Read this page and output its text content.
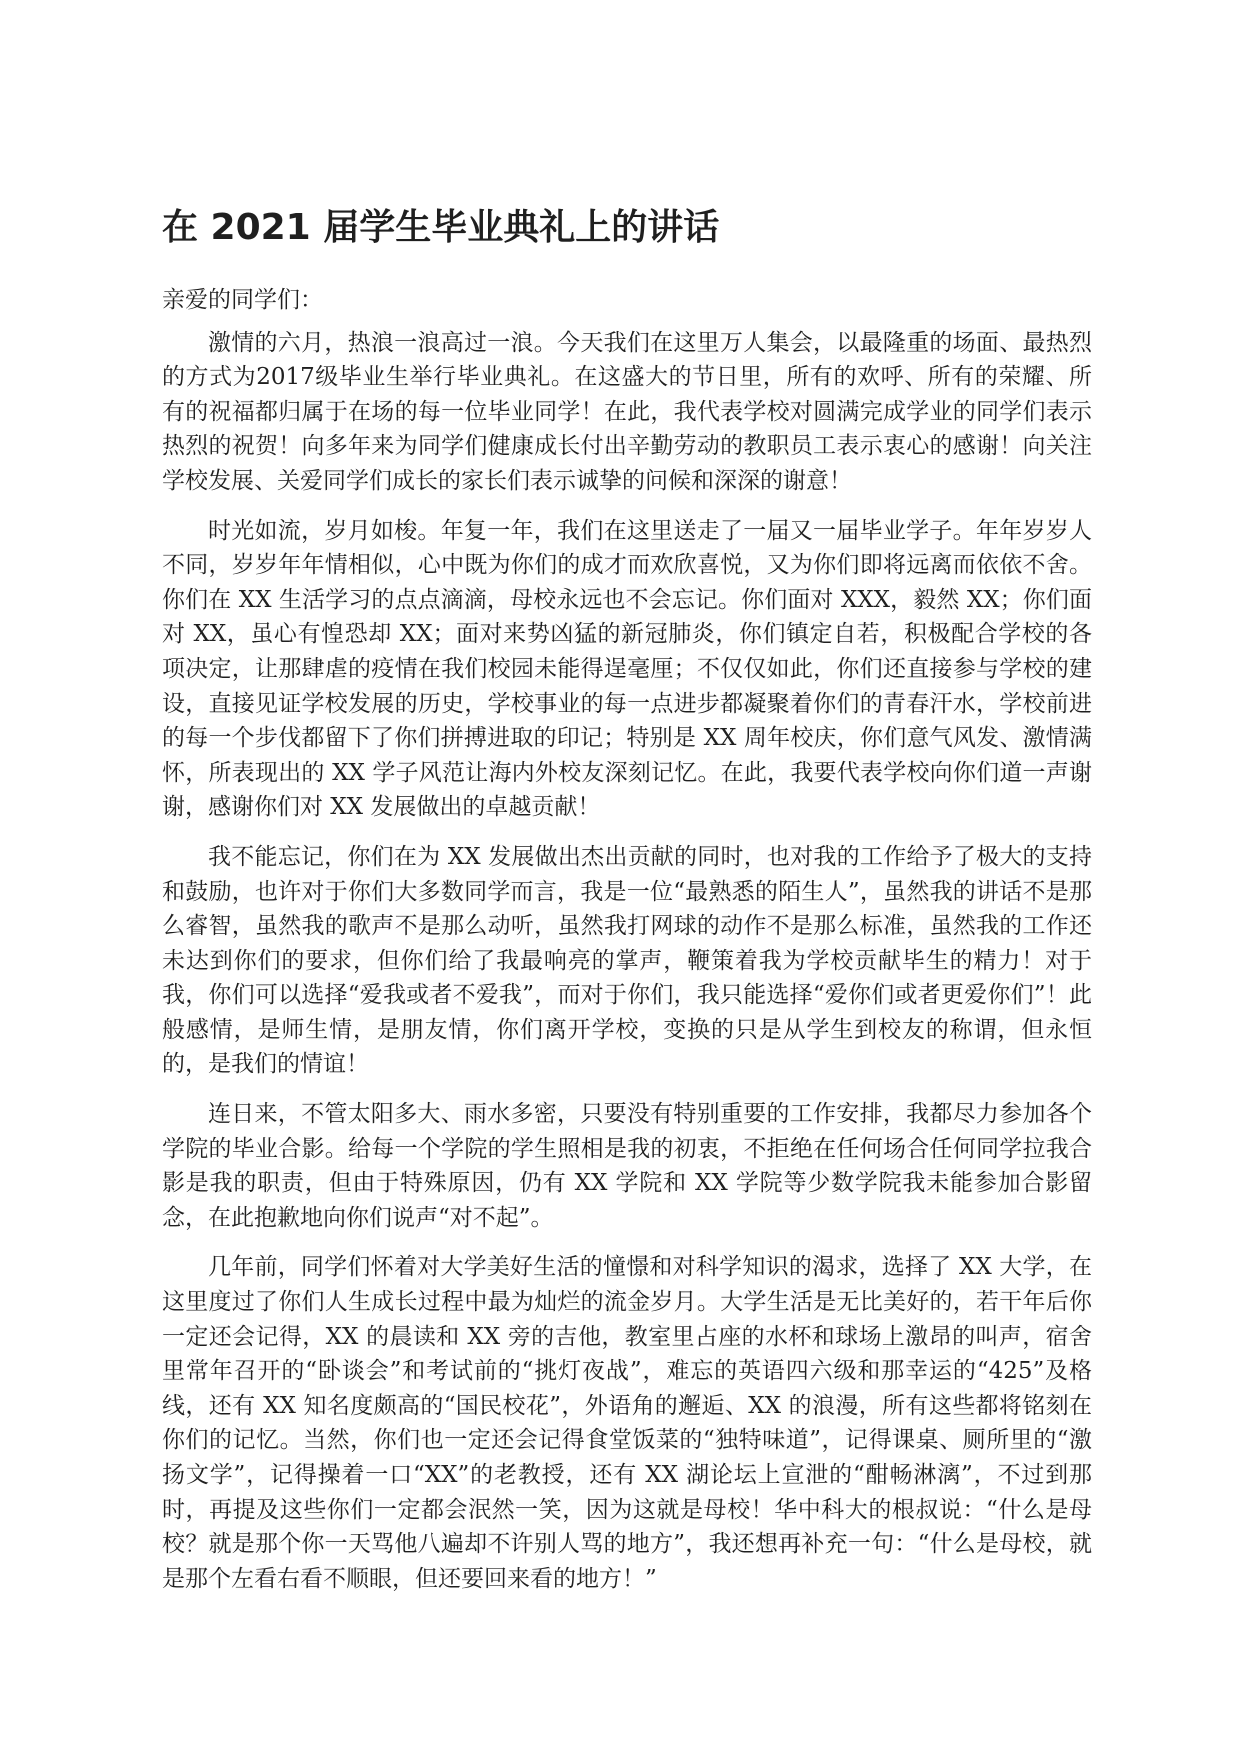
在 2021 届学生毕业典礼上的讲话

亲爱的同学们：

激情的六月，热浪一浪高过一浪。今天我们在这里万人集会，以最隆重的场面、最热烈的方式为2017级毕业生举行毕业典礼。在这盛大的节日里，所有的欢呼、所有的荣耀、所有的祝福都归属于在场的每一位毕业同学！在此，我代表学校对圆满完成学业的同学们表示热烈的祝贺！向多年来为同学们健康成长付出辛勤劳动的教职员工表示衷心的感谢！向关注学校发展、关爱同学们成长的家长们表示诚挚的问候和深深的谢意！

时光如流，岁月如梭。年复一年，我们在这里送走了一届又一届毕业学子。年年岁岁人不同，岁岁年年情相似，心中既为你们的成才而欢欣喜悦，又为你们即将远离而依依不舍。你们在 XX 生活学习的点点滴滴，母校永远也不会忘记。你们面对 XXX，毅然 XX；你们面对 XX，虽心有惶恐却 XX；面对来势凶猛的新冠肺炎，你们镇定自若，积极配合学校的各项决定，让那肆虐的疫情在我们校园未能得逞毫厘；不仅仅如此，你们还直接参与学校的建设，直接见证学校发展的历史，学校事业的每一点进步都凝聚着你们的青春汗水，学校前进的每一个步伐都留下了你们拼搏进取的印记；特别是 XX 周年校庆，你们意气风发、激情满怀，所表现出的 XX 学子风范让海内外校友深刻记忆。在此，我要代表学校向你们道一声谢谢，感谢你们对 XX 发展做出的卓越贡献！

我不能忘记，你们在为 XX 发展做出杰出贡献的同时，也对我的工作给予了极大的支持和鼓励，也许对于你们大多数同学而言，我是一位“最熟悉的陌生人”，虽然我的讲话不是那么睿智，虽然我的歌声不是那么动听，虽然我打网球的动作不是那么标准，虽然我的工作还未达到你们的要求，但你们给了我最响亮的掌声，鞭策着我为学校贡献毕生的精力！对于我，你们可以选择“爱我或者不爱我”，而对于你们，我只能选择“爱你们或者更爱你们”！此般感情，是师生情，是朋友情，你们离开学校，变换的只是从学生到校友的称谓，但永恒的，是我们的情谊！

连日来，不管太阳多大、雨水多密，只要没有特别重要的工作安排，我都尽力参加各个学院的毕业合影。给每一个学院的学生照相是我的初衷，不拒绝在任何场合任何同学拉我合影是我的职责，但由于特殊原因，仍有 XX 学院和 XX 学院等少数学院我未能参加合影留念，在此抱歉地向你们说声“对不起”。

几年前，同学们怀着对大学美好生活的憧憬和对科学知识的渴求，选择了 XX 大学，在这里度过了你们人生成长过程中最为灿烂的流金岁月。大学生活是无比美好的，若干年后你一定还会记得，XX 的晨读和 XX 旁的吉他，教室里占座的水杯和球场上激昂的叫声，宿舍里常年召开的“卧谈会”和考试前的“挑灯夜战”，难忘的英语四六级和那幸运的“425”及格线，还有 XX 知名度颇高的“国民校花”，外语角的邂逅、XX 的浪漫，所有这些都将铭刻在你们的记忆。当然，你们也一定还会记得食堂饭菜的“独特味道”，记得课桌、厕所里的“激扬文学”，记得操着一口“XX”的老教授，还有 XX 湖论坛上宣泄的“酣畅淋漓”，不过到那时，再提及这些你们一定都会泯然一笑，因为这就是母校！华中科大的根叔说：“什么是母校？就是那个你一天骂他八遍却不许别人骂的地方”，我还想再补充一句：“什么是母校，就是那个左看右看不顺眼，但还要回来看的地方！”
